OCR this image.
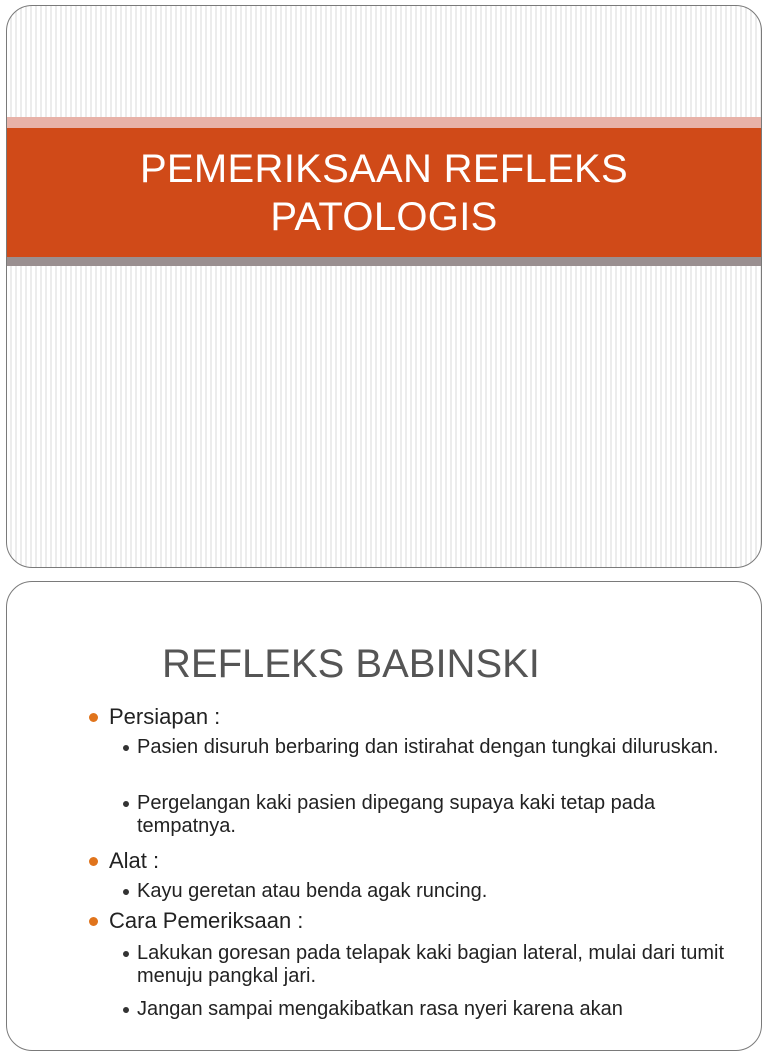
PEMERIKSAAN REFLEKS
PATOLOGIS
REFLEKS BABINSKI
Persiapan :
Pasien disuruh berbaring dan istirahat dengan tungkai diluruskan.
Pergelangan kaki pasien dipegang supaya kaki tetap pada tempatnya.
Alat :
Kayu geretan atau benda agak runcing.
Cara Pemeriksaan :
Lakukan goresan pada telapak kaki bagian lateral, mulai dari tumit menuju pangkal jari.
Jangan sampai mengakibatkan rasa nyeri karena akan
